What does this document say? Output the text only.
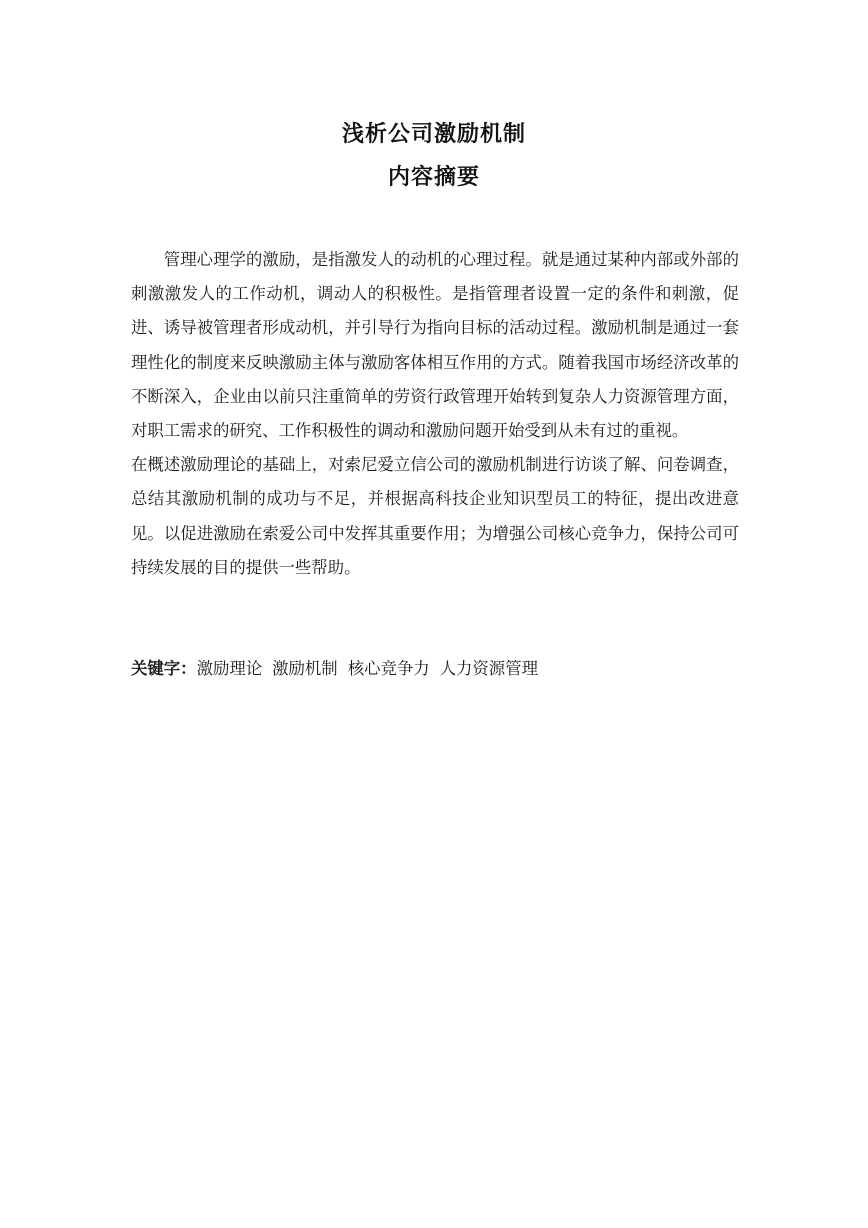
浅析公司激励机制
内容摘要

管理心理学的激励，是指激发人的动机的心理过程。就是通过某种内部或外部的刺激激发人的工作动机，调动人的积极性。是指管理者设置一定的条件和刺激，促进、诱导被管理者形成动机，并引导行为指向目标的活动过程。激励机制是通过一套理性化的制度来反映激励主体与激励客体相互作用的方式。随着我国市场经济改革的不断深入，企业由以前只注重简单的劳资行政管理开始转到复杂人力资源管理方面，对职工需求的研究、工作积极性的调动和激励问题开始受到从未有过的重视。

在概述激励理论的基础上，对索尼爱立信公司的激励机制进行访谈了解、问卷调查，总结其激励机制的成功与不足，并根据高科技企业知识型员工的特征，提出改进意见。以促进激励在索爱公司中发挥其重要作用；为增强公司核心竞争力，保持公司可持续发展的目的提供一些帮助。

关键字：激励理论 激励机制 核心竞争力 人力资源管理
